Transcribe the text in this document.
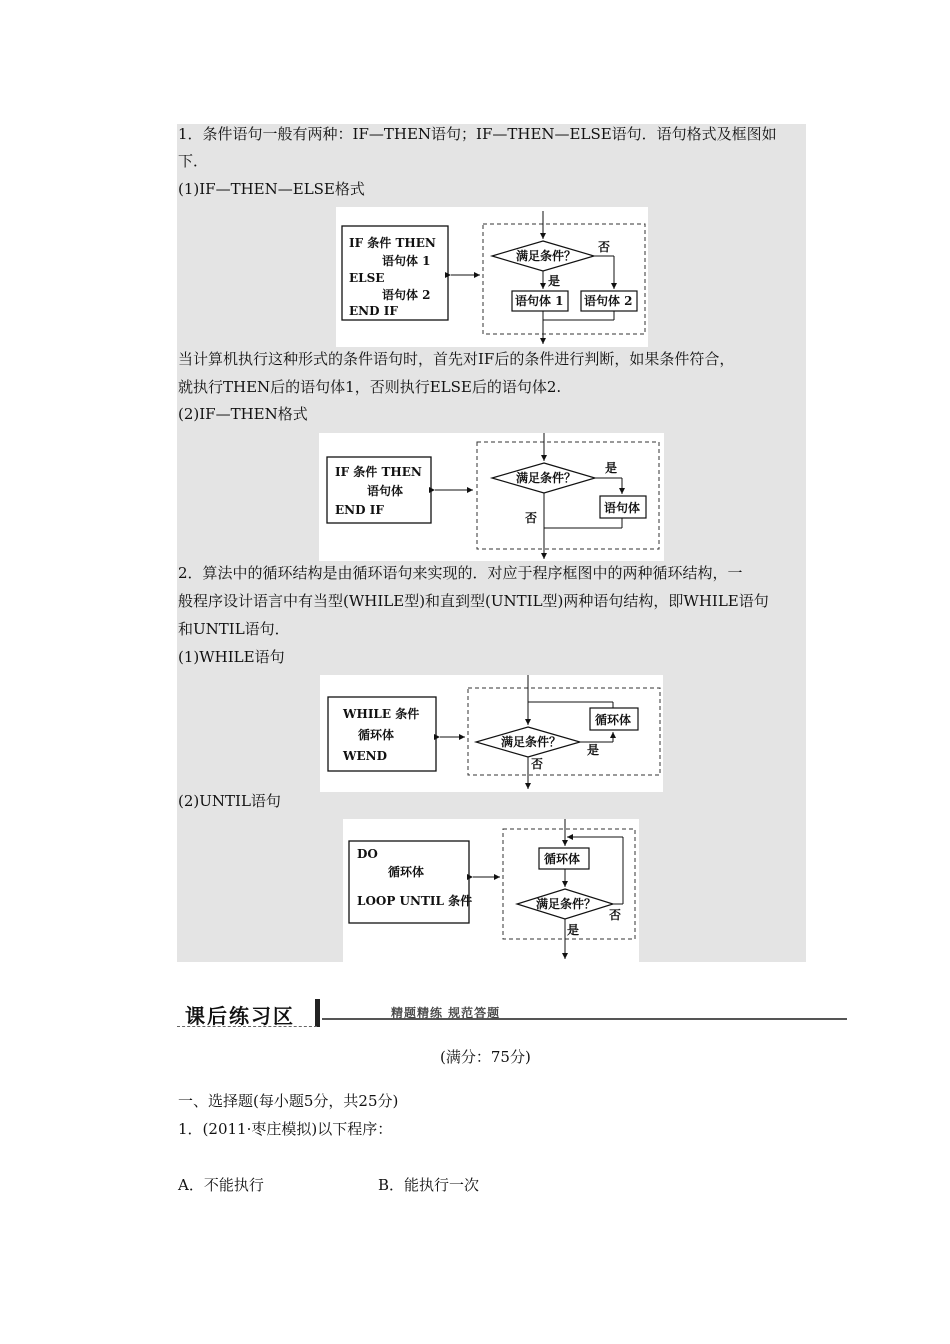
1．条件语句一般有两种：IF—THEN语句；IF—THEN—ELSE语句．语句格式及框图如
下．
(1)IF—THEN—ELSE格式
IF 条件 THEN
语句体 1
ELSE
语句体 2
END IF
满足条件？
否
是
语句体 1 语句体 2
当计算机执行这种形式的条件语句时，首先对IF后的条件进行判断，如果条件符合，
就执行THEN后的语句体1，否则执行ELSE后的语句体2.
(2)IF—THEN格式
IF 条件 THEN
语句体
END IF
满足条件？
是
语句体
否
2．算法中的循环结构是由循环语句来实现的．对应于程序框图中的两种循环结构，一
般程序设计语言中有当型(WHILE型)和直到型(UNTIL型)两种语句结构，即WHILE语句
和UNTIL语句．
(1)WHILE语句
WHILE 条件
循环体
WEND
循环体
满足条件？
是
否
(2)UNTIL语句
DO
循环体
LOOP UNTIL 条件
循环体
满足条件？
否
是
课后练习区	精题精练 规范答题
(满分：75分)
一、选择题(每小题5分，共25分)
1．(2011·枣庄模拟)以下程序：
A．不能执行	B．能执行一次
